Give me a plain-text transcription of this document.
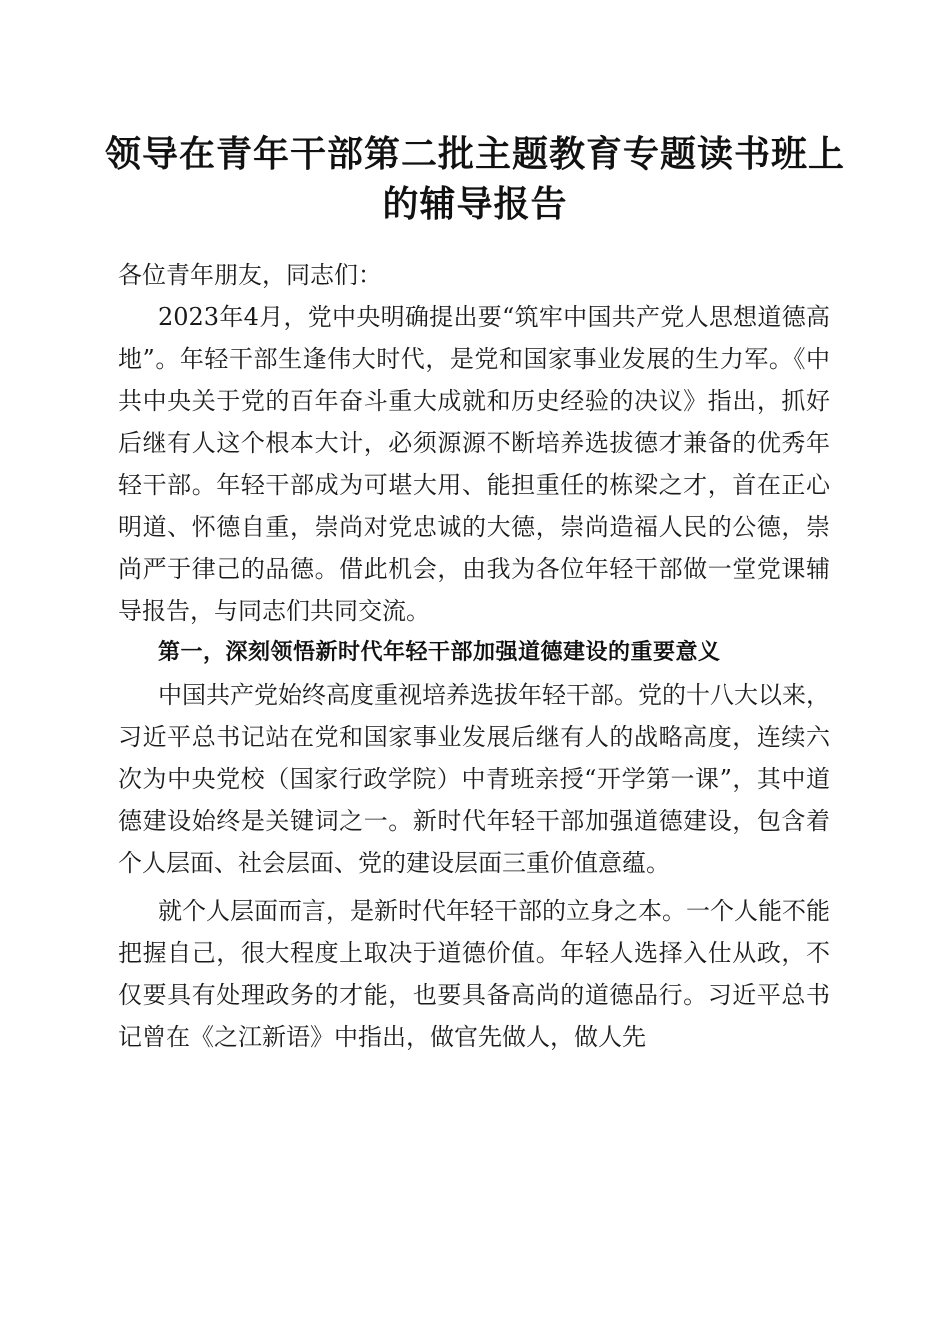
领导在青年干部第二批主题教育专题读书班上
的辅导报告

各位青年朋友，同志们：

2023年4月，党中央明确提出要“筑牢中国共产党人思想道德高地”。年轻干部生逢伟大时代，是党和国家事业发展的生力军。《中共中央关于党的百年奋斗重大成就和历史经验的决议》指出，抓好后继有人这个根本大计，必须源源不断培养选拔德才兼备的优秀年轻干部。年轻干部成为可堪大用、能担重任的栋梁之才，首在正心明道、怀德自重，崇尚对党忠诚的大德，崇尚造福人民的公德，崇尚严于律己的品德。借此机会，由我为各位年轻干部做一堂党课辅导报告，与同志们共同交流。

第一，深刻领悟新时代年轻干部加强道德建设的重要意义

中国共产党始终高度重视培养选拔年轻干部。党的十八大以来，习近平总书记站在党和国家事业发展后继有人的战略高度，连续六次为中央党校（国家行政学院）中青班亲授“开学第一课”，其中道德建设始终是关键词之一。新时代年轻干部加强道德建设，包含着个人层面、社会层面、党的建设层面三重价值意蕴。

就个人层面而言，是新时代年轻干部的立身之本。一个人能不能把握自己，很大程度上取决于道德价值。年轻人选择入仕从政，不仅要具有处理政务的才能，也要具备高尚的道德品行。习近平总书记曾在《之江新语》中指出，做官先做人，做人先
